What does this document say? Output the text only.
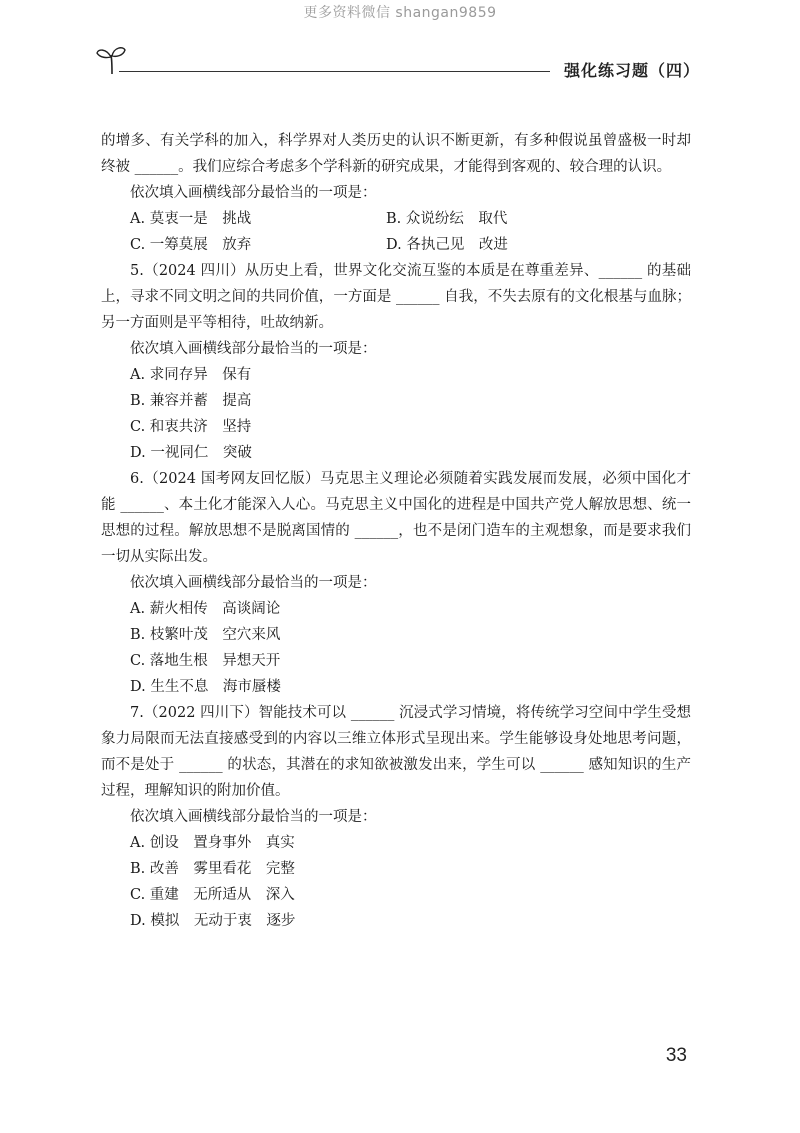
更多资料微信 shangan9859
强化练习题（四）

的增多、有关学科的加入，科学界对人类历史的认识不断更新，有多种假说虽曾盛极一时却终被 ______。我们应综合考虑多个学科新的研究成果，才能得到客观的、较合理的认识。

依次填入画横线部分最恰当的一项是：

A. 莫衷一是　挑战	B. 众说纷纭　取代
C. 一筹莫展　放弃	D. 各执己见　改进

5.（2024 四川）从历史上看，世界文化交流互鉴的本质是在尊重差异、______ 的基础上，寻求不同文明之间的共同价值，一方面是 ______ 自我，不失去原有的文化根基与血脉；另一方面则是平等相待，吐故纳新。

依次填入画横线部分最恰当的一项是：

A. 求同存异　保有

B. 兼容并蓄　提高

C. 和衷共济　坚持

D. 一视同仁　突破

6.（2024 国考网友回忆版）马克思主义理论必须随着实践发展而发展，必须中国化才能 ______、本土化才能深入人心。马克思主义中国化的进程是中国共产党人解放思想、统一思想的过程。解放思想不是脱离国情的 ______，也不是闭门造车的主观想象，而是要求我们一切从实际出发。

依次填入画横线部分最恰当的一项是：

A. 薪火相传　高谈阔论

B. 枝繁叶茂　空穴来风

C. 落地生根　异想天开

D. 生生不息　海市蜃楼

7.（2022 四川下）智能技术可以 ______ 沉浸式学习情境，将传统学习空间中学生受想象力局限而无法直接感受到的内容以三维立体形式呈现出来。学生能够设身处地思考问题，而不是处于 ______ 的状态，其潜在的求知欲被激发出来，学生可以 ______ 感知知识的生产过程，理解知识的附加价值。

依次填入画横线部分最恰当的一项是：

A. 创设　置身事外　真实

B. 改善　雾里看花　完整

C. 重建　无所适从　深入

D. 模拟　无动于衷　逐步

33
